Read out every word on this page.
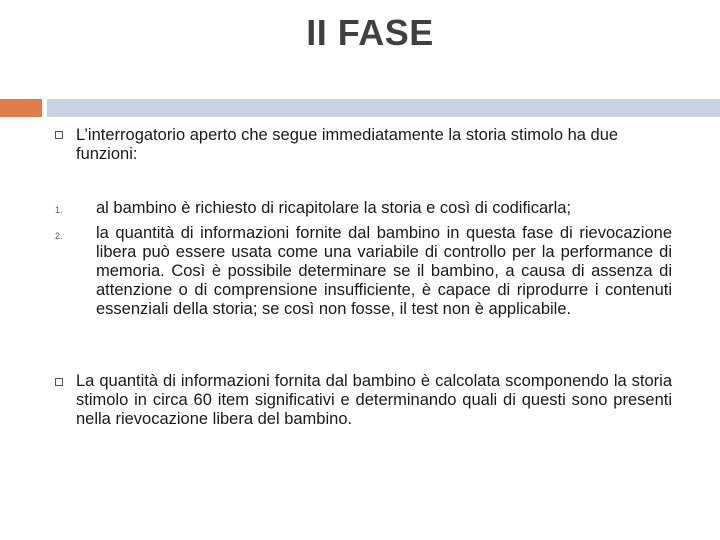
II FASE
L’interrogatorio aperto che segue immediatamente la storia stimolo ha due funzioni:
1. al bambino è richiesto di ricapitolare la storia e così di codificarla;
2. la quantità di informazioni fornite dal bambino in questa fase di rievocazione libera può essere usata come una variabile di controllo per la performance di memoria. Così è possibile determinare se il bambino, a causa di assenza di attenzione o di comprensione insufficiente, è capace di riprodurre i contenuti essenziali della storia; se così non fosse, il test non è applicabile.
La quantità di informazioni fornita dal bambino è calcolata scomponendo la storia stimolo in circa 60 item significativi e determinando quali di questi sono presenti nella rievocazione libera del bambino.
